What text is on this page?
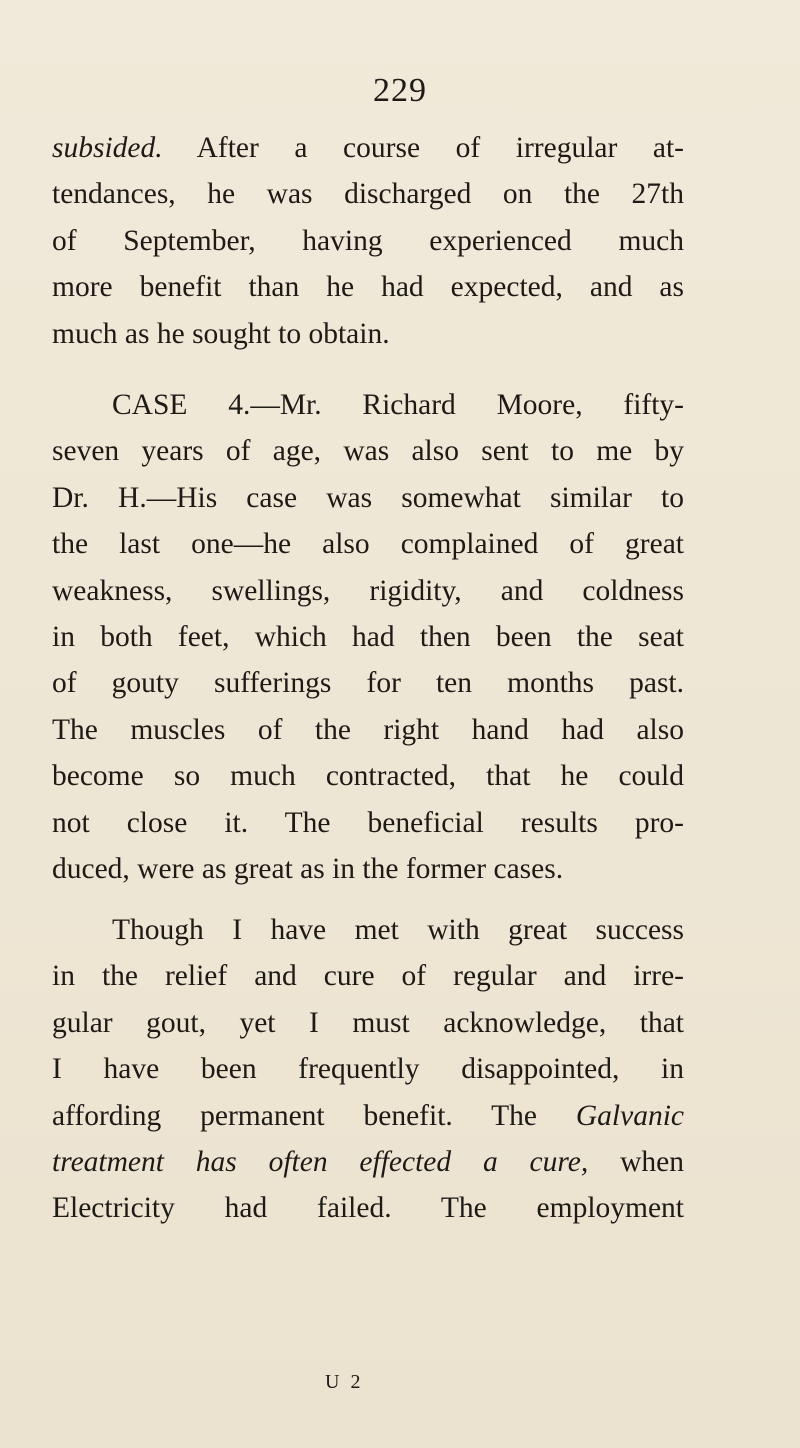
229
subsided. After a course of irregular at-
tendances, he was discharged on the 27th
of September, having experienced much
more benefit than he had expected, and as
much as he sought to obtain.
CASE 4.—Mr. Richard Moore, fifty-
seven years of age, was also sent to me by
Dr. H.—His case was somewhat similar to
the last one—he also complained of great
weakness, swellings, rigidity, and coldness
in both feet, which had then been the seat
of gouty sufferings for ten months past.
The muscles of the right hand had also
become so much contracted, that he could
not close it. The beneficial results pro-
duced, were as great as in the former cases.
Though I have met with great success
in the relief and cure of regular and irre-
gular gout, yet I must acknowledge, that
I have been frequently disappointed, in
affording permanent benefit. The Galvanic
treatment has often effected a cure, when
Electricity had failed. The employment
U 2
